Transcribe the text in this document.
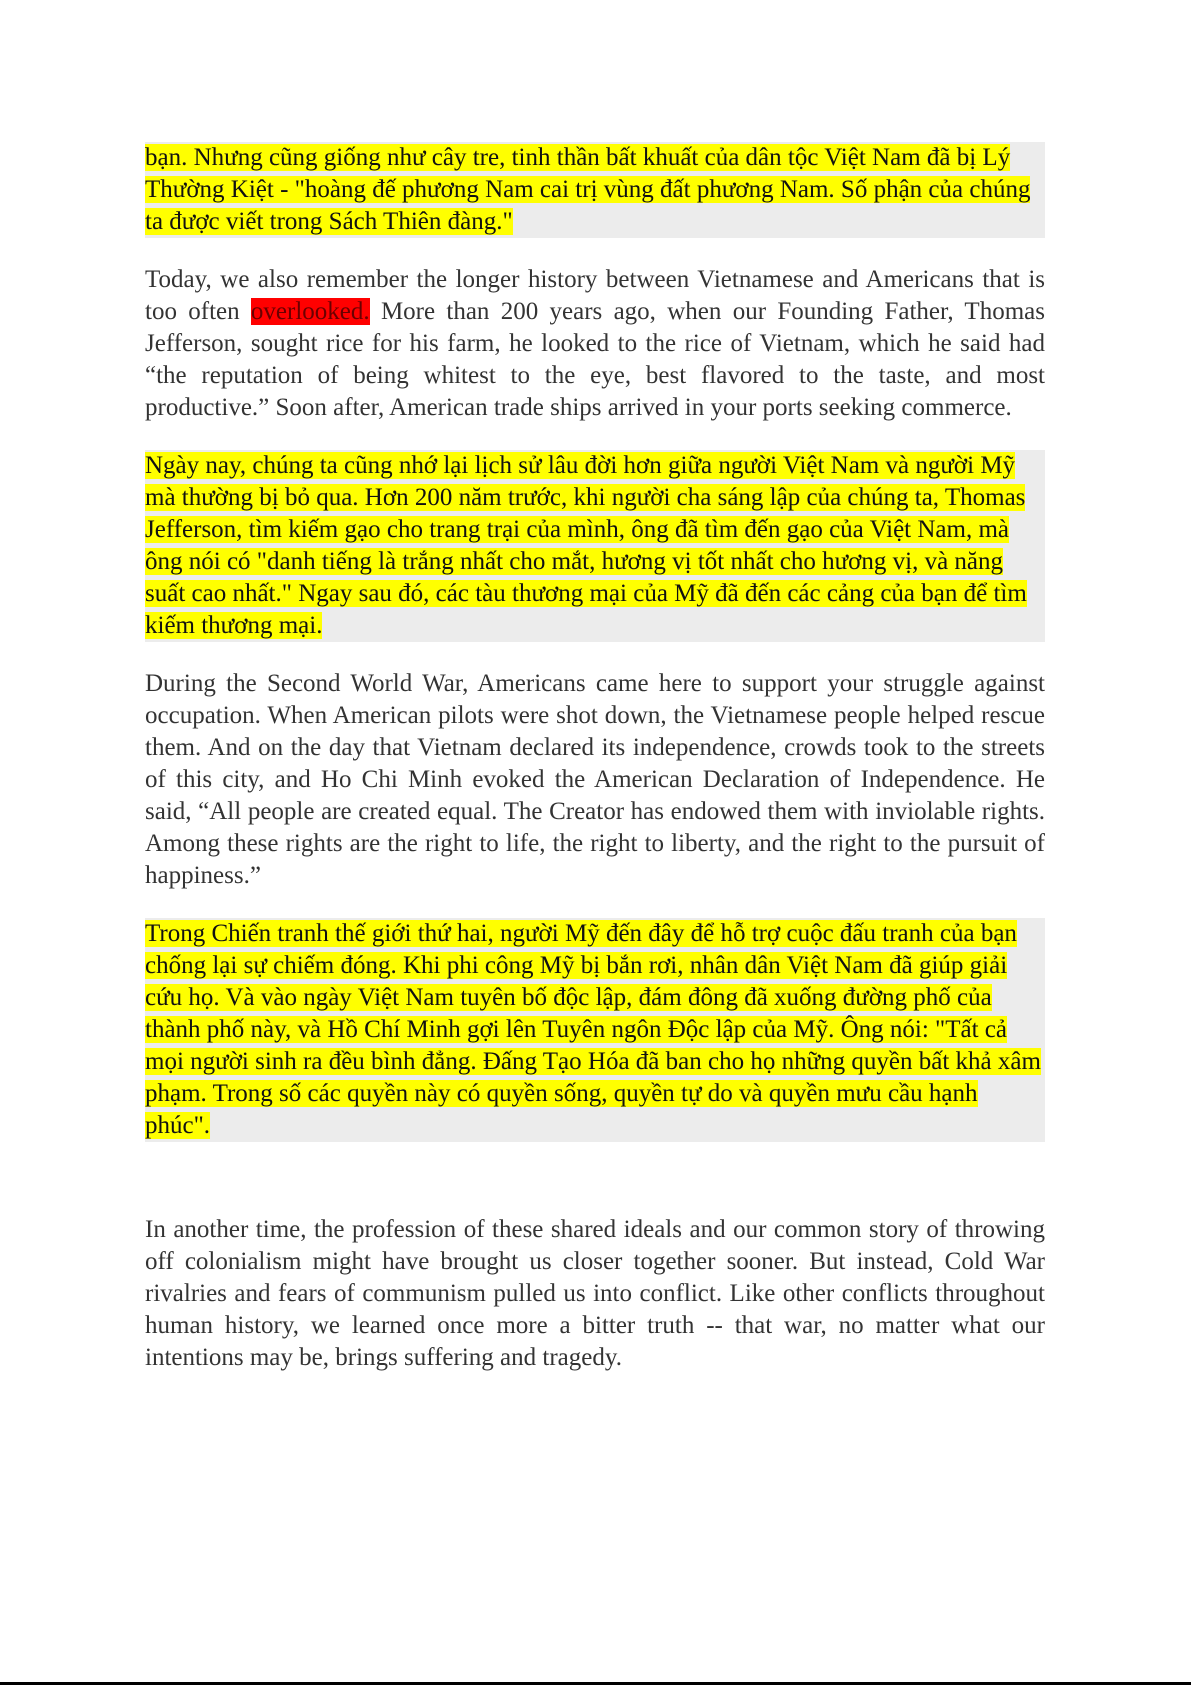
bạn. Nhưng cũng giống như cây tre, tinh thần bất khuất của dân tộc Việt Nam đã bị Lý Thường Kiệt - "hoàng đế phương Nam cai trị vùng đất phương Nam. Số phận của chúng ta được viết trong Sách Thiên đàng."

Today, we also remember the longer history between Vietnamese and Americans that is too often overlooked. More than 200 years ago, when our Founding Father, Thomas Jefferson, sought rice for his farm, he looked to the rice of Vietnam, which he said had “the reputation of being whitest to the eye, best flavored to the taste, and most productive.” Soon after, American trade ships arrived in your ports seeking commerce.

Ngày nay, chúng ta cũng nhớ lại lịch sử lâu đời hơn giữa người Việt Nam và người Mỹ mà thường bị bỏ qua. Hơn 200 năm trước, khi người cha sáng lập của chúng ta, Thomas Jefferson, tìm kiếm gạo cho trang trại của mình, ông đã tìm đến gạo của Việt Nam, mà ông nói có "danh tiếng là trắng nhất cho mắt, hương vị tốt nhất cho hương vị, và năng suất cao nhất." Ngay sau đó, các tàu thương mại của Mỹ đã đến các cảng của bạn để tìm kiếm thương mại.

During the Second World War, Americans came here to support your struggle against occupation. When American pilots were shot down, the Vietnamese people helped rescue them. And on the day that Vietnam declared its independence, crowds took to the streets of this city, and Ho Chi Minh evoked the American Declaration of Independence. He said, “All people are created equal. The Creator has endowed them with inviolable rights. Among these rights are the right to life, the right to liberty, and the right to the pursuit of happiness.”

Trong Chiến tranh thế giới thứ hai, người Mỹ đến đây để hỗ trợ cuộc đấu tranh của bạn chống lại sự chiếm đóng. Khi phi công Mỹ bị bắn rơi, nhân dân Việt Nam đã giúp giải cứu họ. Và vào ngày Việt Nam tuyên bố độc lập, đám đông đã xuống đường phố của thành phố này, và Hồ Chí Minh gợi lên Tuyên ngôn Độc lập của Mỹ. Ông nói: "Tất cả mọi người sinh ra đều bình đẳng. Đấng Tạo Hóa đã ban cho họ những quyền bất khả xâm phạm. Trong số các quyền này có quyền sống, quyền tự do và quyền mưu cầu hạnh phúc".

In another time, the profession of these shared ideals and our common story of throwing off colonialism might have brought us closer together sooner. But instead, Cold War rivalries and fears of communism pulled us into conflict. Like other conflicts throughout human history, we learned once more a bitter truth -- that war, no matter what our intentions may be, brings suffering and tragedy.
